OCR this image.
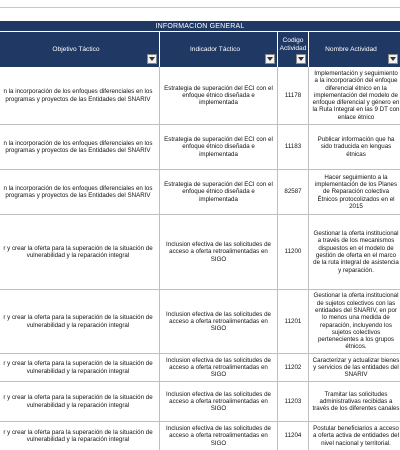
INFORMACION GENERAL
Objetivo Táctico	Indicador Táctico
Codigo Actividad	Nombre Actividad
n la incorporación de los enfoques diferenciales en los programas y proyectos de las Entidades del SNARIV
Estrategia de superación del ECI con el enfoque étnico diseñada e implementada
11178
Implementación y seguimiento a la incorporación del enfoque diferencial étnico en la implementación del modelo de enfoque diferencial y género en la Ruta Integral en las 9 DT con enlace étnico
n la incorporación de los enfoques diferenciales en los programas y proyectos de las Entidades del SNARIV
Estrategia de superación del ECI con el enfoque étnico diseñada e implementada
11183
Publicar información que ha sido traducida en lenguas étnicas
n la incorporación de los enfoques diferenciales en los programas y proyectos de las Entidades del SNARIV
Estrategia de superación del ECI con el enfoque étnico diseñada e implementada
82587
Hacer seguimiento a la implementación de los Planes de Reparación colectiva Étnicos protocolizados en el 2015
r y crear la oferta para la superación de la situación de vulnerabilidad y la reparación integral
Inclusion efectiva de las solicitudes de acceso a oferta retroalimentadas en SIGO
11200
Gestionar la oferta institucional a través de los mecanismos dispuestos en el modelo de gestión de oferta en el marco de la ruta integral de asistencia y reparación.
r y crear la oferta para la superación de la situación de vulnerabilidad y la reparación integral
Inclusion efectiva de las solicitudes de acceso a oferta retroalimentadas en SIGO
11201
Gestionar la oferta institucional de sujetos colectivos con las entidades del SNARIV, en por lo menos una medida de reparación, incluyendo los sujetos colectivos pertenecientes a los grupos étnicos.
r y crear la oferta para la superación de la situación de vulnerabilidad y la reparación integral
Inclusion efectiva de las solicitudes de acceso a oferta retroalimentadas en SIGO
11202
Caracterizar y actualizar bienes y servicios de las entidades del SNARIV
r y crear la oferta para la superación de la situación de vulnerabilidad y la reparación integral
Inclusion efectiva de las solicitudes de acceso a oferta retroalimentadas en SIGO
11203
Tramitar las solicitudes administrativas recibidas a través de los diferentes canales
r y crear la oferta para la superación de la situación de vulnerabilidad y la reparación integral
Inclusion efectiva de las solicitudes de acceso a oferta retroalimentadas en SIGO
11204
Postular beneficiarios a acceso a oferta activa de entidades del nivel nacional y territorial.
